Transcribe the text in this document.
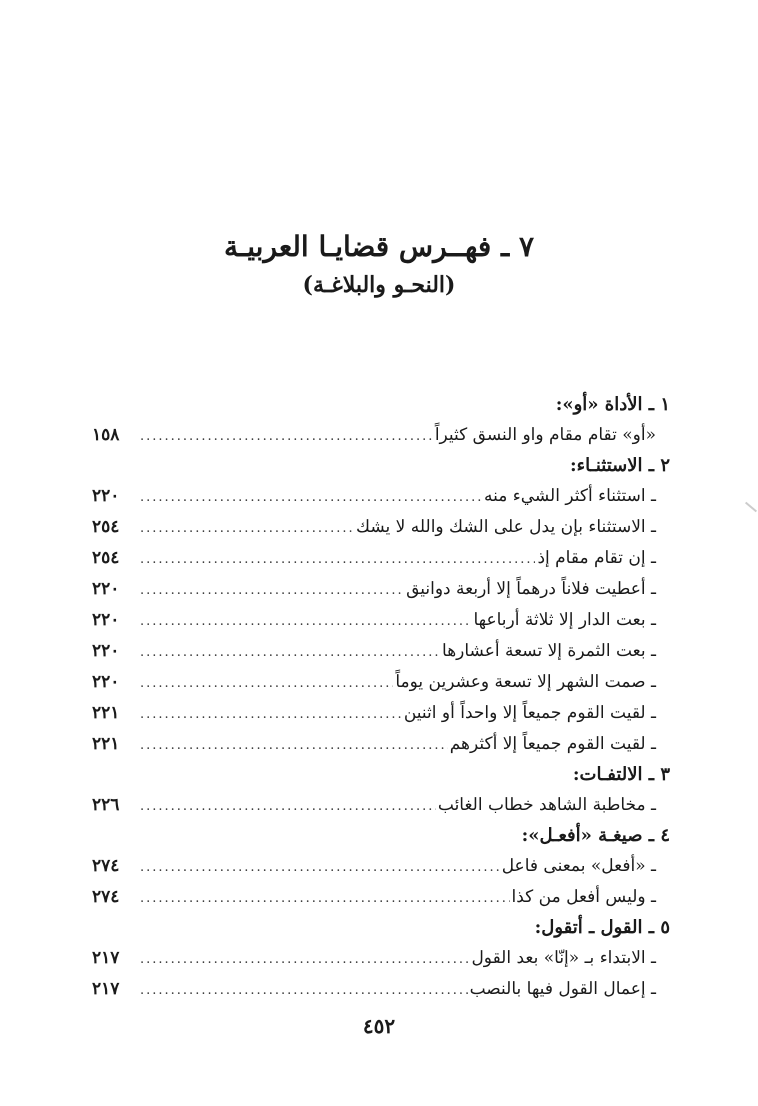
٧ ـ فهــرس قضايـا العربيـة
(النحـو والبلاغـة)
١ ـ الأداة «أو»:
«أو» تقام مقام واو النسق كثيراً
.....
١٥٨
٢ ـ الاستثنـاء:
ـ استثناء أكثر الشيء منه
.....
٢٢٠
ـ الاستثناء بإن يدل على الشك والله لا يشك
.....
٢٥٤
ـ إن تقام مقام إذ
.....
٢٥٤
ـ أعطيت فلاناً درهماً إلا أربعة دوانيق
.....
٢٢٠
ـ بعت الدار إلا ثلاثة أرباعها
.....
٢٢٠
ـ بعت الثمرة إلا تسعة أعشارها
.....
٢٢٠
ـ صمت الشهر إلا تسعة وعشرين يوماً
.....
٢٢٠
ـ لقيت القوم جميعاً إلا واحداً أو اثنين
.....
٢٢١
ـ لقيت القوم جميعاً إلا أكثرهم
.....
٢٢١
٣ ـ الالتفـات:
ـ مخاطبة الشاهد خطاب الغائب
.....
٢٢٦
٤ ـ صيغـة «أفعـل»:
ـ «أفعل» بمعنى فاعل
.....
٢٧٤
ـ وليس أفعل من كذا
.....
٢٧٤
٥ ـ القول ـ أتقول:
ـ الابتداء بـ «إنّا» بعد القول
.....
٢١٧
ـ إعمال القول فيها بالنصب
.....
٢١٧
٤٥٢
